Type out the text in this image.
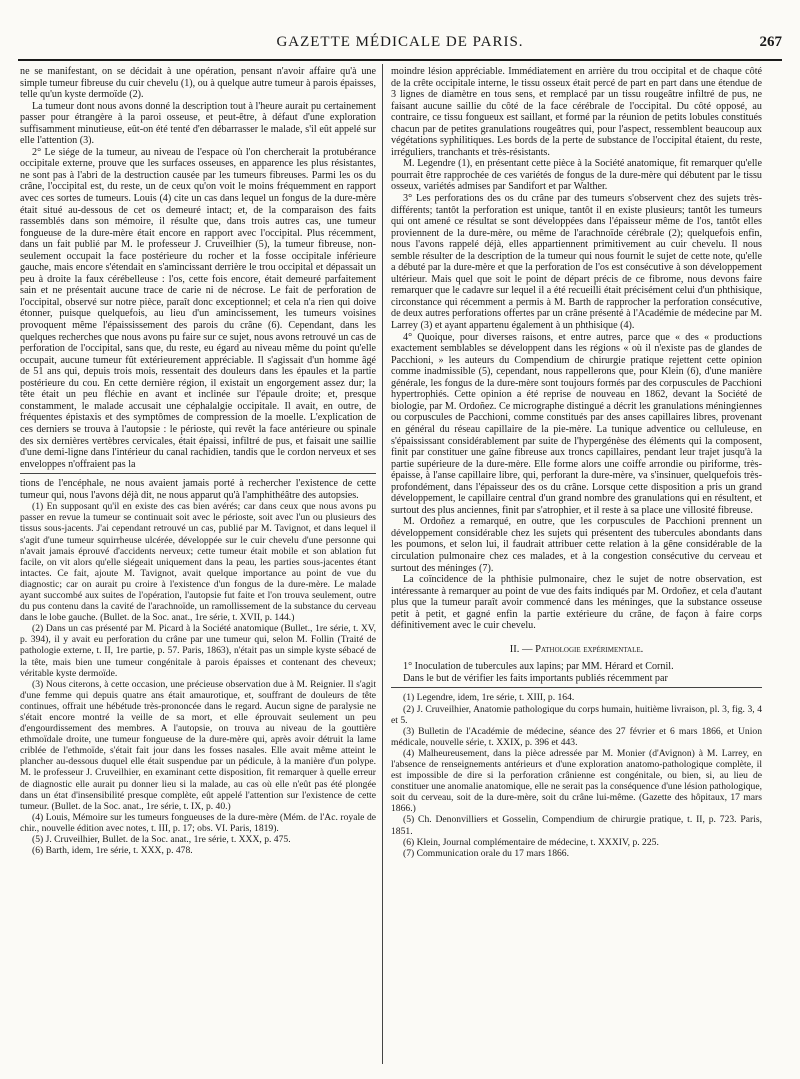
GAZETTE MÉDICALE DE PARIS.	267

ne se manifestant, on se décidait à une opération, pensant n'avoir affaire qu'à une simple tumeur fibreuse du cuir chevelu (1), ou à quelque autre tumeur à parois épaisses, telle qu'un kyste dermoïde (2).

La tumeur dont nous avons donné la description tout à l'heure aurait pu certainement passer pour étrangère à la paroi osseuse, et peut-être, à défaut d'une exploration suffisamment minutieuse, eût-on été tenté d'en débarrasser le malade, s'il eût appelé sur elle l'attention (3).

2° Le siége de la tumeur, au niveau de l'espace où l'on chercherait la protubérance occipitale externe, prouve que les surfaces osseuses, en apparence les plus résistantes, ne sont pas à l'abri de la destruction causée par les tumeurs fibreuses. Parmi les os du crâne, l'occipital est, du reste, un de ceux qu'on voit le moins fréquemment en rapport avec ces sortes de tumeurs. Louis (4) cite un cas dans lequel un fongus de la dure-mère était situé au-dessous de cet os demeuré intact; et, de la comparaison des faits rassemblés dans son mémoire, il résulte que, dans trois autres cas, une tumeur fongueuse de la dure-mère était encore en rapport avec l'occipital. Plus récemment, dans un fait publié par M. le professeur J. Cruveilhier (5), la tumeur fibreuse, non-seulement occupait la face postérieure du rocher et la fosse occipitale inférieure gauche, mais encore s'étendait en s'amincissant derrière le trou occipital et dépassait un peu à droite la faux cérébelleuse : l'os, cette fois encore, était demeuré parfaitement sain et ne présentait aucune trace de carie ni de nécrose. Le fait de perforation de l'occipital, observé sur notre pièce, paraît donc exceptionnel; et cela n'a rien qui doive étonner, puisque quelquefois, au lieu d'un amincissement, les tumeurs voisines provoquent même l'épaississement des parois du crâne (6). Cependant, dans les quelques recherches que nous avons pu faire sur ce sujet, nous avons retrouvé un cas de perforation de l'occipital, sans que, du reste, eu égard au niveau même du point qu'elle occupait, aucune tumeur fût extérieurement appréciable. Il s'agissait d'un homme âgé de 51 ans qui, depuis trois mois, ressentait des douleurs dans les épaules et la partie postérieure du cou. En cette dernière région, il existait un engorgement assez dur; la tête était un peu fléchie en avant et inclinée sur l'épaule droite; et, presque constamment, le malade accusait une céphalalgie occipitale. Il avait, en outre, de fréquentes épistaxis et des symptômes de compression de la moelle. L'explication de ces derniers se trouva à l'autopsie : le périoste, qui revêt la face antérieure ou spinale des six dernières vertèbres cervicales, était épaissi, infiltré de pus, et faisait une saillie d'une demi-ligne dans l'intérieur du canal rachidien, tandis que le cordon nerveux et ses enveloppes n'offraient pas la

tions de l'encéphale, ne nous avaient jamais porté à rechercher l'existence de cette tumeur qui, nous l'avons déjà dit, ne nous apparut qu'à l'amphithéâtre des autopsies.

(1) En supposant qu'il en existe des cas bien avérés; car dans ceux que nous avons pu passer en revue la tumeur se continuait soit avec le périoste, soit avec l'un ou plusieurs des tissus sous-jacents. J'ai cependant retrouvé un cas, publié par M. Tavignot, et dans lequel il s'agit d'une tumeur squirrheuse ulcérée, développée sur le cuir chevelu d'une personne qui n'avait jamais éprouvé d'accidents nerveux; cette tumeur était mobile et son ablation fut facile, on vit alors qu'elle siégeait uniquement dans la peau, les parties sous-jacentes étant intactes. Ce fait, ajoute M. Tavignot, avait quelque importance au point de vue du diagnostic; car on aurait pu croire à l'existence d'un fongus de la dure-mère. Le malade ayant succombé aux suites de l'opération, l'autopsie fut faite et l'on trouva seulement, outre du pus contenu dans la cavité de l'arachnoïde, un ramollissement de la substance du cerveau dans le lobe gauche. (Bullet. de la Soc. anat., 1re série, t. XVII, p. 144.)

(2) Dans un cas présenté par M. Picard à la Société anatomique (Bullet., 1re série, t. XV, p. 394), il y avait eu perforation du crâne par une tumeur qui, selon M. Follin (Traité de pathologie externe, t. II, 1re partie, p. 57. Paris, 1863), n'était pas un simple kyste sébacé de la tête, mais bien une tumeur congénitale à parois épaisses et contenant des cheveux; véritable kyste dermoïde.

(3) Nous citerons, à cette occasion, une précieuse observation due à M. Reignier. Il s'agit d'une femme qui depuis quatre ans était amaurotique, et, souffrant de douleurs de tête continues, offrait une hébétude très-prononcée dans le regard. Aucun signe de paralysie ne s'était encore montré la veille de sa mort, et elle éprouvait seulement un peu d'engourdissement des membres. A l'autopsie, on trouva au niveau de la gouttière ethmoïdale droite, une tumeur fongueuse de la dure-mère qui, après avoir détruit la lame criblée de l'ethmoïde, s'était fait jour dans les fosses nasales. Elle avait même atteint le plancher au-dessous duquel elle était suspendue par un pédicule, à la manière d'un polype. M. le professeur J. Cruveilhier, en examinant cette disposition, fit remarquer à quelle erreur de diagnostic elle aurait pu donner lieu si la malade, au cas où elle n'eût pas été plongée dans un état d'insensibilité presque complète, eût appelé l'attention sur l'existence de cette tumeur. (Bullet. de la Soc. anat., 1re série, t. IX, p. 40.)

(4) Louis, Mémoire sur les tumeurs fongueuses de la dure-mère (Mém. de l'Ac. royale de chir., nouvelle édition avec notes, t. III, p. 17; obs. VI. Paris, 1819).

(5) J. Cruveilhier, Bullet. de la Soc. anat., 1re série, t. XXX, p. 475.

(6) Barth, idem, 1re série, t. XXX, p. 478.

moindre lésion appréciable. Immédiatement en arrière du trou occipital et de chaque côté de la crête occipitale interne, le tissu osseux était percé de part en part dans une étendue de 3 lignes de diamètre en tous sens, et remplacé par un tissu rougeâtre infiltré de pus, ne faisant aucune saillie du côté de la face cérébrale de l'occipital. Du côté opposé, au contraire, ce tissu fongueux est saillant, et formé par la réunion de petits lobules constitués chacun par de petites granulations rougeâtres qui, pour l'aspect, ressemblent beaucoup aux végétations syphilitiques. Les bords de la perte de substance de l'occipital étaient, du reste, irréguliers, tranchants et très-résistants.

M. Legendre (1), en présentant cette pièce à la Société anatomique, fit remarquer qu'elle pourrait être rapprochée de ces variétés de fongus de la dure-mère qui débutent par le tissu osseux, variétés admises par Sandifort et par Walther.

3° Les perforations des os du crâne par des tumeurs s'observent chez des sujets très-différents; tantôt la perforation est unique, tantôt il en existe plusieurs; tantôt les tumeurs qui ont amené ce résultat se sont développées dans l'épaisseur même de l'os, tantôt elles proviennent de la dure-mère, ou même de l'arachnoïde cérébrale (2); quelquefois enfin, nous l'avons rappelé déjà, elles appartiennent primitivement au cuir chevelu. Il nous semble résulter de la description de la tumeur qui nous fournit le sujet de cette note, qu'elle a débuté par la dure-mère et que la perforation de l'os est consécutive à son développement ultérieur. Mais quel que soit le point de départ précis de ce fibrome, nous devons faire remarquer que le cadavre sur lequel il a été recueilli était précisément celui d'un phthisique, circonstance qui récemment a permis à M. Barth de rapprocher la perforation consécutive, de deux autres perforations offertes par un crâne présenté à l'Académie de médecine par M. Larrey (3) et ayant appartenu également à un phthisique (4).

4° Quoique, pour diverses raisons, et entre autres, parce que « des « productions exactement semblables se développent dans les régions « où il n'existe pas de glandes de Pacchioni, » les auteurs du Compendium de chirurgie pratique rejettent cette opinion comme inadmissible (5), cependant, nous rappellerons que, pour Klein (6), d'une manière générale, les fongus de la dure-mère sont toujours formés par des corpuscules de Pacchioni hypertrophiés. Cette opinion a été reprise de nouveau en 1862, devant la Société de biologie, par M. Ordoñez. Ce micrographe distingué a décrit les granulations méningiennes ou corpuscules de Pacchioni, comme constitués par des anses capillaires libres, provenant en général du réseau capillaire de la pie-mère. La tunique adventice ou celluleuse, en s'épaississant considérablement par suite de l'hypergénèse des éléments qui la composent, finit par constituer une gaîne fibreuse aux troncs capillaires, pendant leur trajet jusqu'à la partie supérieure de la dure-mère. Elle forme alors une coiffe arrondie ou piriforme, très-épaisse, à l'anse capillaire libre, qui, perforant la dure-mère, va s'insinuer, quelquefois très-profondément, dans l'épaisseur des os du crâne. Lorsque cette disposition a pris un grand développement, le capillaire central d'un grand nombre des granulations qui en résultent, et surtout des plus anciennes, finit par s'atrophier, et il reste à sa place une villosité fibreuse.

M. Ordoñez a remarqué, en outre, que les corpuscules de Pacchioni prennent un développement considérable chez les sujets qui présentent des tubercules abondants dans les poumons, et selon lui, il faudrait attribuer cette relation à la gêne considérable de la circulation pulmonaire chez ces malades, et à la congestion consécutive du cerveau et surtout des méninges (7).

La coïncidence de la phthisie pulmonaire, chez le sujet de notre observation, est intéressante à remarquer au point de vue des faits indiqués par M. Ordoñez, et cela d'autant plus que la tumeur paraît avoir commencé dans les méninges, que la substance osseuse petit à petit, et gagné enfin la partie extérieure du crâne, de façon à faire corps définitivement avec le cuir chevelu.

II. — Pathologie expérimentale.

1° Inoculation de tubercules aux lapins; par MM. Hérard et Cornil.

Dans le but de vérifier les faits importants publiés récemment par

(1) Legendre, idem, 1re série, t. XIII, p. 164.

(2) J. Cruveilhier, Anatomie pathologique du corps humain, huitième livraison, pl. 3, fig. 3, 4 et 5.

(3) Bulletin de l'Académie de médecine, séance des 27 février et 6 mars 1866, et Union médicale, nouvelle série, t. XXIX, p. 396 et 443.

(4) Malheureusement, dans la pièce adressée par M. Monier (d'Avignon) à M. Larrey, en l'absence de renseignements antérieurs et d'une exploration anatomo-pathologique complète, il est impossible de dire si la perforation crânienne est congénitale, ou bien, si, au lieu de constituer une anomalie anatomique, elle ne serait pas la conséquence d'une lésion pathologique, soit du cerveau, soit de la dure-mère, soit du crâne lui-même. (Gazette des hôpitaux, 17 mars 1866.)

(5) Ch. Denonvilliers et Gosselin, Compendium de chirurgie pratique, t. II, p. 723. Paris, 1851.

(6) Klein, Journal complémentaire de médecine, t. XXXIV, p. 225.

(7) Communication orale du 17 mars 1866.
